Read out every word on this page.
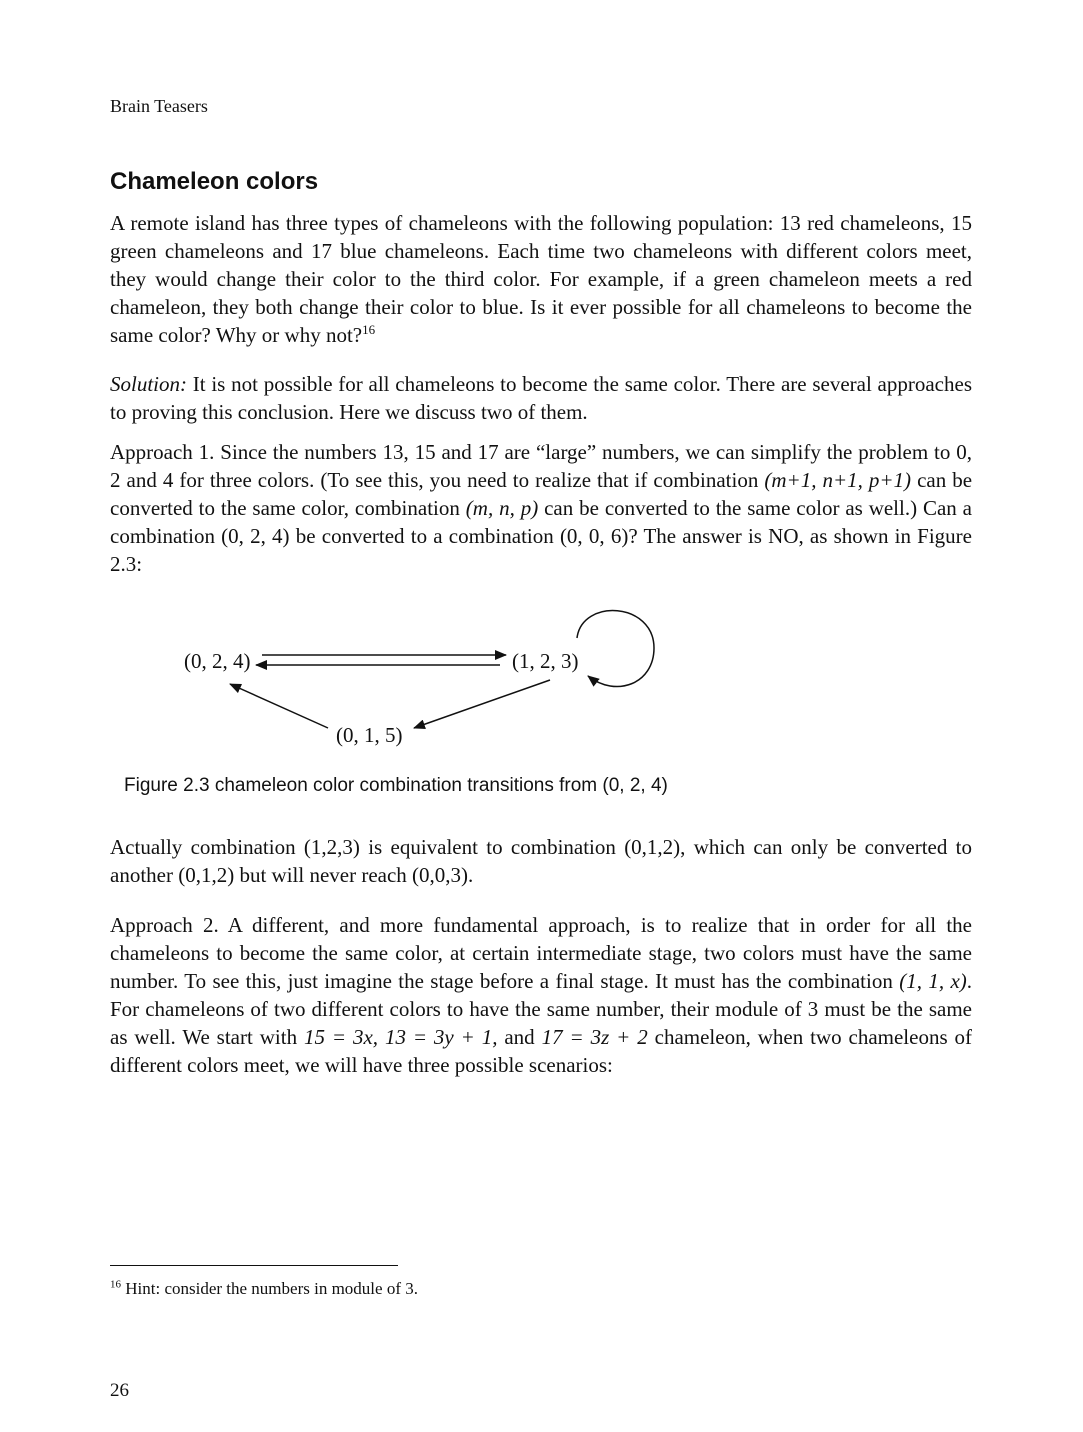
Brain Teasers
Chameleon colors

A remote island has three types of chameleons with the following population: 13 red chameleons, 15 green chameleons and 17 blue chameleons. Each time two chameleons with different colors meet, they would change their color to the third color. For example, if a green chameleon meets a red chameleon, they both change their color to blue. Is it ever possible for all chameleons to become the same color? Why or why not?$^{16}$

Solution: It is not possible for all chameleons to become the same color. There are several approaches to proving this conclusion. Here we discuss two of them.

Approach 1. Since the numbers 13, 15 and 17 are “large” numbers, we can simplify the problem to 0, 2 and 4 for three colors. (To see this, you need to realize that if combination (m+1, n+1, p+1) can be converted to the same color, combination (m, n, p) can be converted to the same color as well.) Can a combination (0, 2, 4) be converted to a combination (0, 0, 6)? The answer is NO, as shown in Figure 2.3:

(0, 2, 4)	(1, 2, 3)
(0, 1, 5)
Figure 2.3 chameleon color combination transitions from (0, 2, 4)

Actually combination (1,2,3) is equivalent to combination (0,1,2), which can only be converted to another (0,1,2) but will never reach (0,0,3).

Approach 2. A different, and more fundamental approach, is to realize that in order for all the chameleons to become the same color, at certain intermediate stage, two colors must have the same number. To see this, just imagine the stage before a final stage. It must has the combination (1, 1, x). For chameleons of two different colors to have the same number, their module of 3 must be the same as well. We start with 15 = 3x, 13 = 3y + 1, and 17 = 3z + 2 chameleon, when two chameleons of different colors meet, we will have three possible scenarios:

$^{16}$ Hint: consider the numbers in module of 3.
26
